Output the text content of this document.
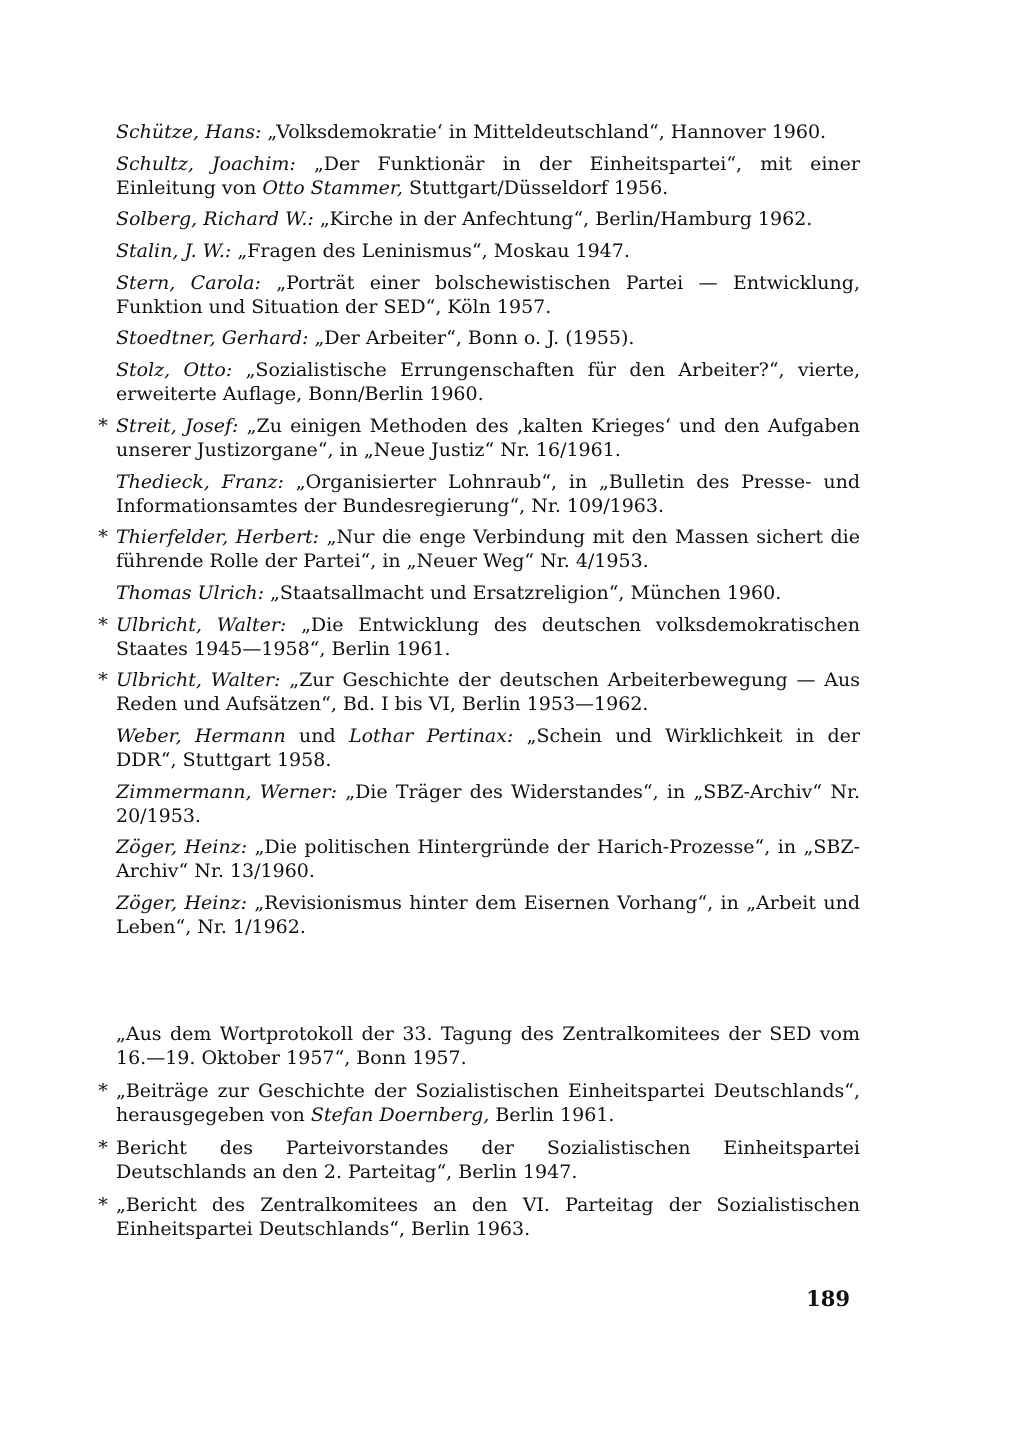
Schütze, Hans: „Volksdemokratie‘ in Mitteldeutschland“, Hannover 1960.

Schultz, Joachim: „Der Funktionär in der Einheitspartei“, mit einer Einleitung von Otto Stammer, Stuttgart/Düsseldorf 1956.

Solberg, Richard W.: „Kirche in der Anfechtung“, Berlin/Hamburg 1962.

Stalin, J. W.: „Fragen des Leninismus“, Moskau 1947.

Stern, Carola: „Porträt einer bolschewistischen Partei — Entwicklung, Funktion und Situation der SED“, Köln 1957.

Stoedtner, Gerhard: „Der Arbeiter“, Bonn o. J. (1955).

Stolz, Otto: „Sozialistische Errungenschaften für den Arbeiter?“, vierte, erweiterte Auflage, Bonn/Berlin 1960.

* Streit, Josef: „Zu einigen Methoden des ‚kalten Krieges‘ und den Aufgaben unserer Justizorgane“, in „Neue Justiz“ Nr. 16/1961.

Thedieck, Franz: „Organisierter Lohnraub“, in „Bulletin des Presse- und Informationsamtes der Bundesregierung“, Nr. 109/1963.

* Thierfelder, Herbert: „Nur die enge Verbindung mit den Massen sichert die führende Rolle der Partei“, in „Neuer Weg“ Nr. 4/1953.

Thomas Ulrich: „Staatsallmacht und Ersatzreligion“, München 1960.

* Ulbricht, Walter: „Die Entwicklung des deutschen volksdemokratischen Staates 1945—1958“, Berlin 1961.

* Ulbricht, Walter: „Zur Geschichte der deutschen Arbeiterbewegung — Aus Reden und Aufsätzen“, Bd. I bis VI, Berlin 1953—1962.

Weber, Hermann und Lothar Pertinax: „Schein und Wirklichkeit in der DDR“, Stuttgart 1958.

Zimmermann, Werner: „Die Träger des Widerstandes“, in „SBZ-Archiv“ Nr. 20/1953.

Zöger, Heinz: „Die politischen Hintergründe der Harich-Prozesse“, in „SBZ-Archiv“ Nr. 13/1960.

Zöger, Heinz: „Revisionismus hinter dem Eisernen Vorhang“, in „Arbeit und Leben“, Nr. 1/1962.

„Aus dem Wortprotokoll der 33. Tagung des Zentralkomitees der SED vom 16.—19. Oktober 1957“, Bonn 1957.

* „Beiträge zur Geschichte der Sozialistischen Einheitspartei Deutschlands“, herausgegeben von Stefan Doernberg, Berlin 1961.

* Bericht des Parteivorstandes der Sozialistischen Einheitspartei Deutschlands an den 2. Parteitag“, Berlin 1947.

* „Bericht des Zentralkomitees an den VI. Parteitag der Sozialistischen Einheitspartei Deutschlands“, Berlin 1963.

189
